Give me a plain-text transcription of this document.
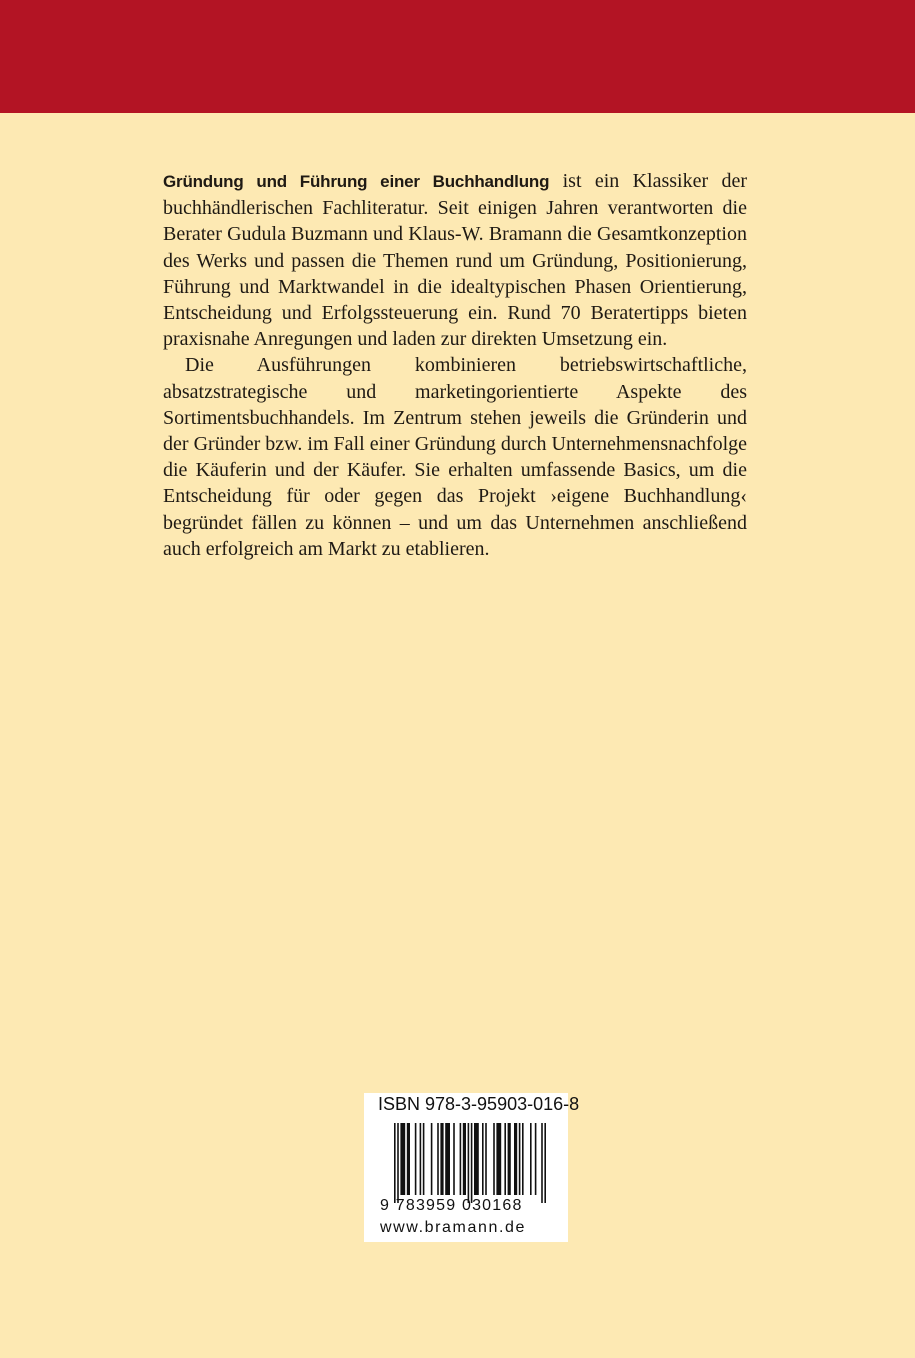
Gründung und Führung einer Buchhandlung ist ein Klassiker der buchhändlerischen Fachliteratur. Seit einigen Jahren verantworten die Berater Gudula Buzmann und Klaus-W. Bramann die Gesamtkonzeption des Werks und passen die Themen rund um Gründung, Positionierung, Führung und Marktwandel in die idealtypischen Phasen Orientierung, Entscheidung und Erfolgssteuerung ein. Rund 70 Beratertipps bieten praxisnahe Anregungen und laden zur direkten Umsetzung ein.

Die Ausführungen kombinieren betriebswirtschaftliche, absatzstrategische und marketingorientierte Aspekte des Sortimentsbuchhandels. Im Zentrum stehen jeweils die Gründerin und der Gründer bzw. im Fall einer Gründung durch Unternehmensnachfolge die Käuferin und der Käufer. Sie erhalten umfassende Basics, um die Entscheidung für oder gegen das Projekt ›eigene Buchhandlung‹ begründet fällen zu können – und um das Unternehmen anschließend auch erfolgreich am Markt zu etablieren.

ISBN 978-3-95903-016-8
9 783959 030168
www.bramann.de
